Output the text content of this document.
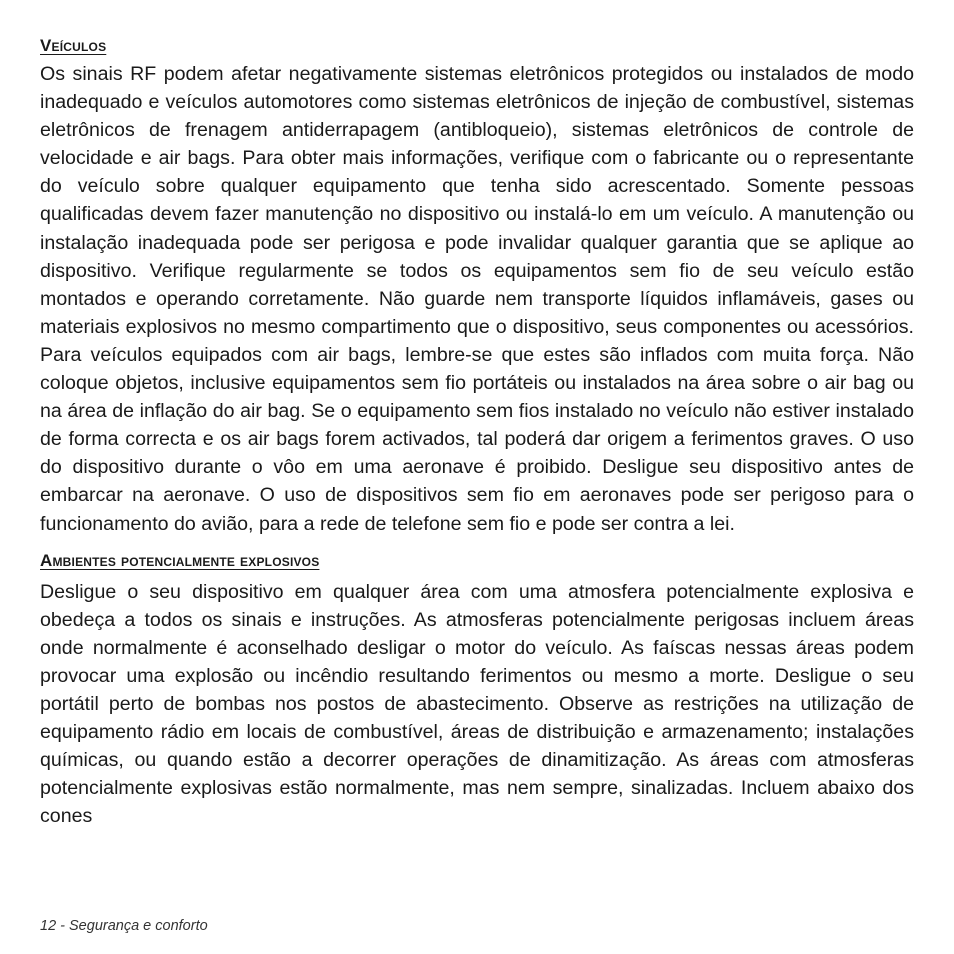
Veículos

Os sinais RF podem afetar negativamente sistemas eletrônicos protegidos ou instalados de modo inadequado e veículos automotores como sistemas eletrônicos de injeção de combustível, sistemas eletrônicos de frenagem antiderrapagem (antibloqueio), sistemas eletrônicos de controle de velocidade e air bags. Para obter mais informações, verifique com o fabricante ou o representante do veículo sobre qualquer equipamento que tenha sido acrescentado. Somente pessoas qualificadas devem fazer manutenção no dispositivo ou instalá-lo em um veículo. A manutenção ou instalação inadequada pode ser perigosa e pode invalidar qualquer garantia que se aplique ao dispositivo. Verifique regularmente se todos os equipamentos sem fio de seu veículo estão montados e operando corretamente. Não guarde nem transporte líquidos inflamáveis, gases ou materiais explosivos no mesmo compartimento que o dispositivo, seus componentes ou acessórios. Para veículos equipados com air bags, lembre-se que estes são inflados com muita força. Não coloque objetos, inclusive equipamentos sem fio portáteis ou instalados na área sobre o air bag ou na área de inflação do air bag. Se o equipamento sem fios instalado no veículo não estiver instalado de forma correcta e os air bags forem activados, tal poderá dar origem a ferimentos graves. O uso do dispositivo durante o vôo em uma aeronave é proibido. Desligue seu dispositivo antes de embarcar na aeronave. O uso de dispositivos sem fio em aeronaves pode ser perigoso para o funcionamento do avião, para a rede de telefone sem fio e pode ser contra a lei.

Ambientes potencialmente explosivos

Desligue o seu dispositivo em qualquer área com uma atmosfera potencialmente explosiva e obedeça a todos os sinais e instruções. As atmosferas potencialmente perigosas incluem áreas onde normalmente é aconselhado desligar o motor do veículo. As faíscas nessas áreas podem provocar uma explosão ou incêndio resultando ferimentos ou mesmo a morte. Desligue o seu portátil perto de bombas nos postos de abastecimento. Observe as restrições na utilização de equipamento rádio em locais de combustível, áreas de distribuição e armazenamento; instalações químicas, ou quando estão a decorrer operações de dinamitização. As áreas com atmosferas potencialmente explosivas estão normalmente, mas nem sempre, sinalizadas. Incluem abaixo dos cones

12 - Segurança e conforto
